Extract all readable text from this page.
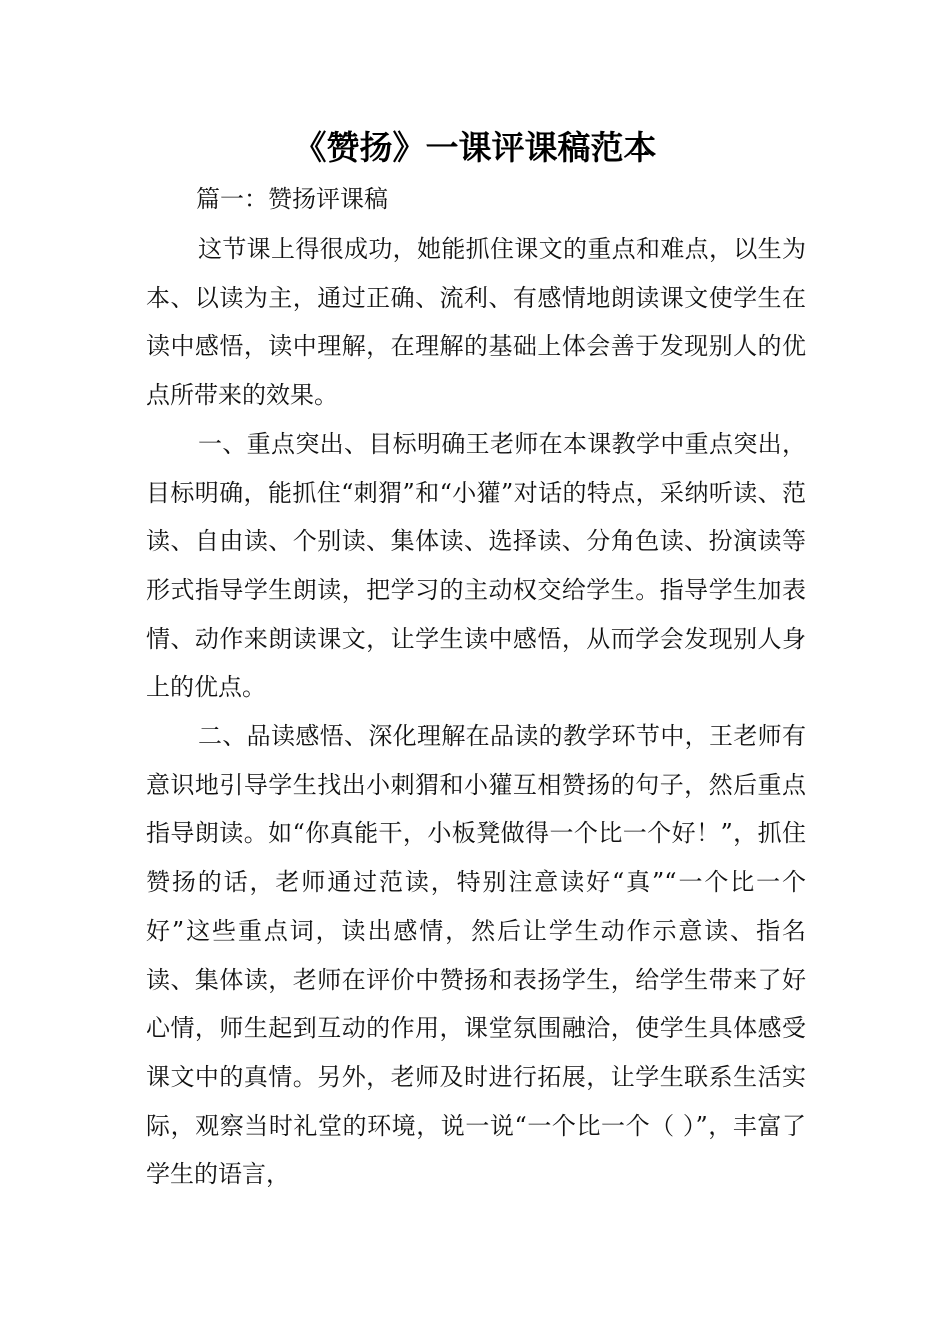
《赞扬》一课评课稿范本

篇一：赞扬评课稿

这节课上得很成功，她能抓住课文的重点和难点，以生为本、以读为主，通过正确、流利、有感情地朗读课文使学生在读中感悟，读中理解，在理解的基础上体会善于发现别人的优点所带来的效果。

一、重点突出、目标明确王老师在本课教学中重点突出，目标明确，能抓住“刺猬”和“小獾”对话的特点，采纳听读、范读、自由读、个别读、集体读、选择读、分角色读、扮演读等形式指导学生朗读，把学习的主动权交给学生。指导学生加表情、动作来朗读课文，让学生读中感悟，从而学会发现别人身上的优点。

二、品读感悟、深化理解在品读的教学环节中，王老师有意识地引导学生找出小刺猬和小獾互相赞扬的句子，然后重点指导朗读。如“你真能干，小板凳做得一个比一个好！”，抓住赞扬的话，老师通过范读，特别注意读好“真”“一个比一个好”这些重点词，读出感情，然后让学生动作示意读、指名读、集体读，老师在评价中赞扬和表扬学生，给学生带来了好心情，师生起到互动的作用，课堂氛围融洽，使学生具体感受课文中的真情。另外，老师及时进行拓展，让学生联系生活实际，观察当时礼堂的环境，说一说“一个比一个（ ）”，丰富了学生的语言，
